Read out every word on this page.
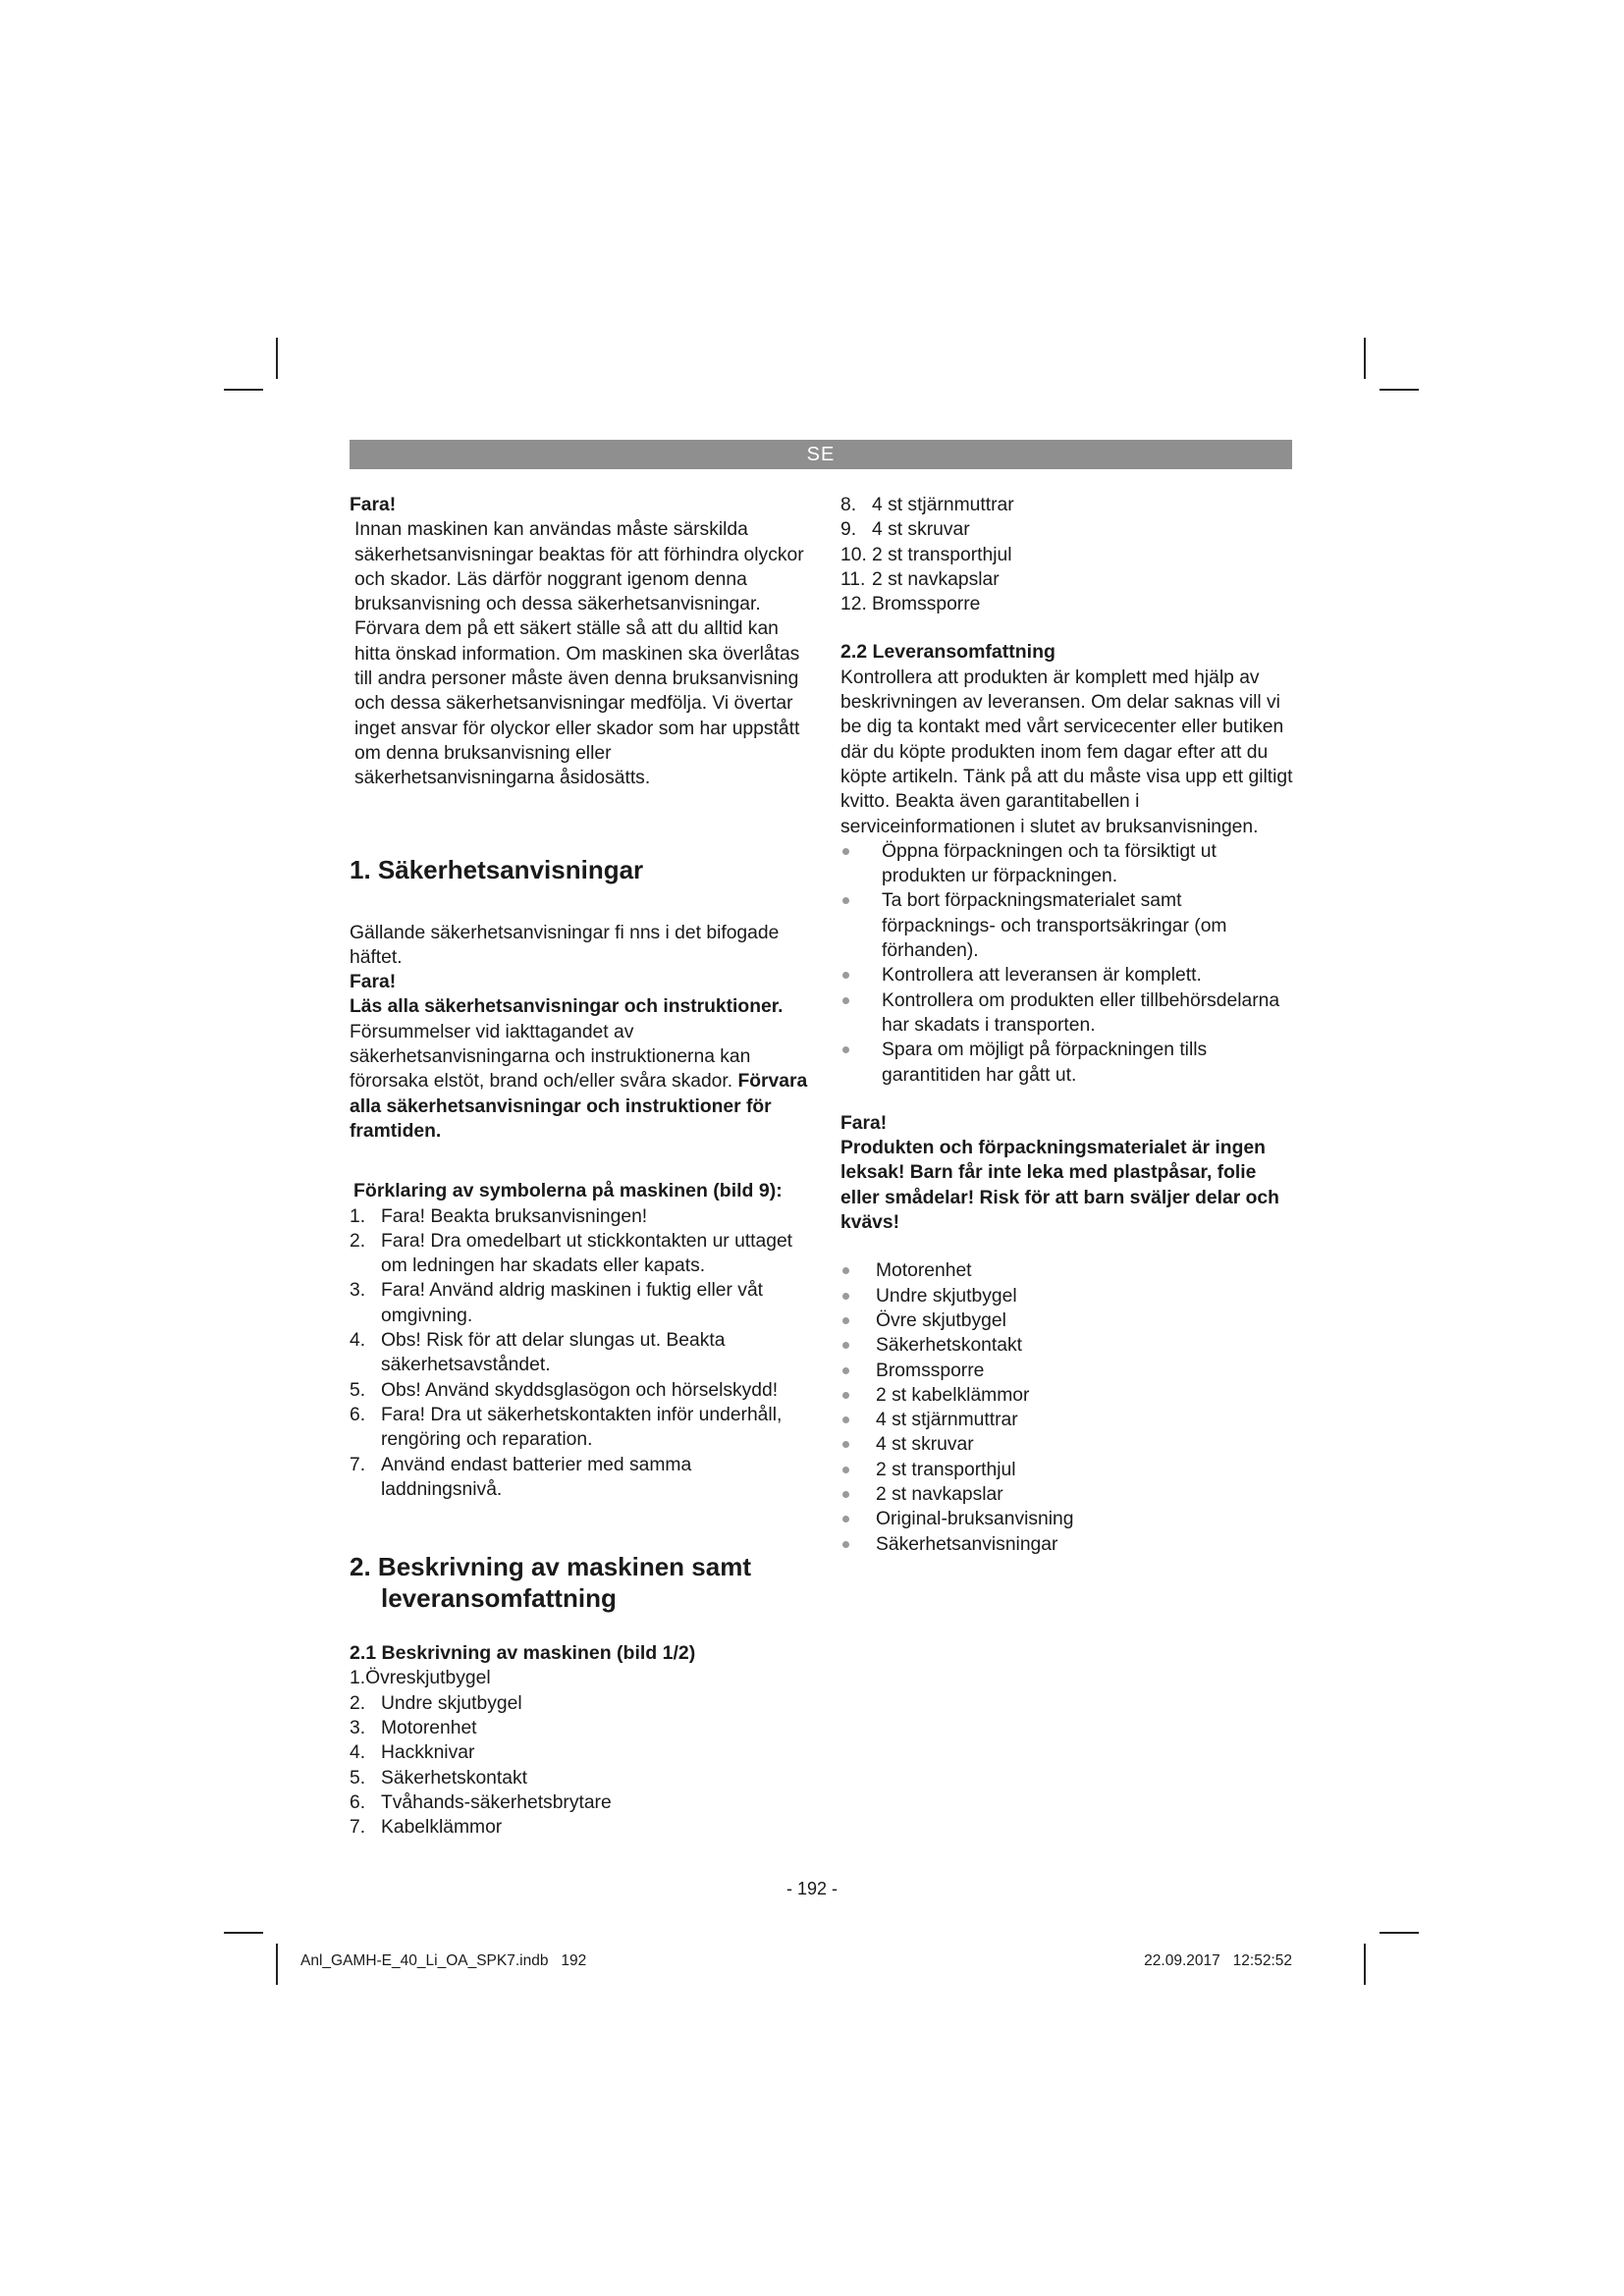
SE

Fara!

Innan maskinen kan användas måste särskilda säkerhetsanvisningar beaktas för att förhindra olyckor och skador. Läs därför noggrant igenom denna bruksanvisning och dessa säkerhetsanvisningar. Förvara dem på ett säkert ställe så att du alltid kan hitta önskad information. Om maskinen ska överlåtas till andra personer måste även denna bruksanvisning och dessa säkerhetsanvisningar medfölja. Vi övertar inget ansvar för olyckor eller skador som har uppstått om denna bruksanvisning eller säkerhetsanvisningarna åsidosätts.

1. Säkerhetsanvisningar

Gällande säkerhetsanvisningar fi nns i det bifogade häftet.

Fara!

Läs alla säkerhetsanvisningar och instruktioner. Försummelser vid iakttagandet av säkerhetsanvisningarna och instruktionerna kan förorsaka elstöt, brand och/eller svåra skador. Förvara alla säkerhetsanvisningar och instruktioner för framtiden.

Förklaring av symbolerna på maskinen (bild 9):
1. Fara! Beakta bruksanvisningen!
2. Fara! Dra omedelbart ut stickkontakten ur uttaget om ledningen har skadats eller kapats.
3. Fara! Använd aldrig maskinen i fuktig eller våt omgivning.
4. Obs! Risk för att delar slungas ut. Beakta säkerhetsavståndet.
5. Obs! Använd skyddsglasögon och hörselskydd!
6. Fara! Dra ut säkerhetskontakten inför underhåll, rengöring och reparation.
7. Använd endast batterier med samma laddningsnivå.
2. Beskrivning av maskinen samt leveransomfattning
2.1 Beskrivning av maskinen (bild 1/2)

1.Övreskjutbygel

2. Undre skjutbygel
3. Motorenhet
4. Hackknivar
5. Säkerhetskontakt
6. Tvåhands-säkerhetsbrytare
7. Kabelklämmor
8. 4 st stjärnmuttrar
9. 4 st skruvar
10. 2 st transporthjul
11. 2 st navkapslar
12. Bromssporre
2.2 Leveransomfattning

Kontrollera att produkten är komplett med hjälp av beskrivningen av leveransen. Om delar saknas vill vi be dig ta kontakt med vårt servicecenter eller butiken där du köpte produkten inom fem dagar efter att du köpte artikeln. Tänk på att du måste visa upp ett giltigt kvitto. Beakta även garantitabellen i serviceinformationen i slutet av bruksanvisningen.

Öppna förpackningen och ta försiktigt ut produkten ur förpackningen.
Ta bort förpackningsmaterialet samt förpacknings- och transportsäkringar (om förhanden).
Kontrollera att leveransen är komplett.
Kontrollera om produkten eller tillbehörsdelarna har skadats i transporten.
Spara om möjligt på förpackningen tills garantitiden har gått ut.

Fara!

Produkten och förpackningsmaterialet är ingen leksak! Barn får inte leka med plastpåsar, folie eller smådelar! Risk för att barn sväljer delar och kvävs!

Motorenhet
Undre skjutbygel
Övre skjutbygel
Säkerhetskontakt
Bromssporre
2 st kabelklämmor
4 st stjärnmuttrar
4 st skruvar
2 st transporthjul
2 st navkapslar
Original-bruksanvisning
Säkerhetsanvisningar
- 192 -
Anl_GAMH-E_40_Li_OA_SPK7.indb   192	22.09.2017   12:52:52
